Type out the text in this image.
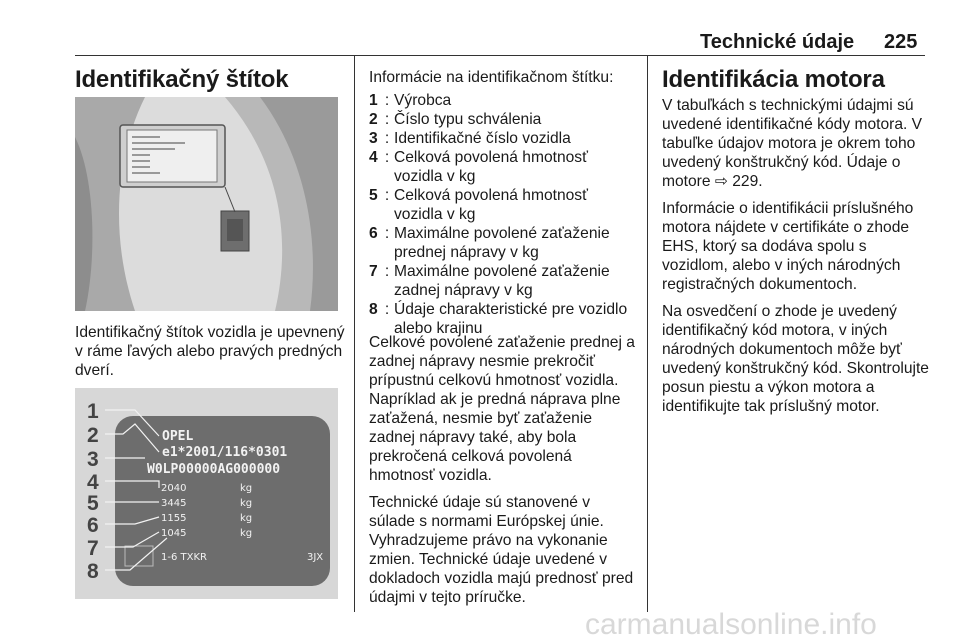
Technické údaje 225
Identifikačný štítok

Identifikačný štítok vozidla je upevnený v ráme ľavých alebo pravých predných dverí.

OPEL
e1*2001/116*0301
W0LP00000AG000000
2040
3445
1155
1045
kg
kg
kg
kg
1-6 TXKR	3JX
1
2
3
4
5
6
7
8

Informácie na identifikačnom štítku:

1 : Výrobca
2 : Číslo typu schválenia
3 : Identifikačné číslo vozidla
4 : Celková povolená hmotnosť vozidla v kg
5 : Celková povolená hmotnosť vozidla v kg
6 : Maximálne povolené zaťaženie prednej nápravy v kg
7 : Maximálne povolené zaťaženie zadnej nápravy v kg
8 : Údaje charakteristické pre vozidlo alebo krajinu

Celkové povolené zaťaženie prednej a zadnej nápravy nesmie prekročiť prípustnú celkovú hmotnosť vozidla. Napríklad ak je predná náprava plne zaťažená, nesmie byť zaťaženie zadnej nápravy také, aby bola prekročená celková povolená hmotnosť vozidla.

Technické údaje sú stanovené v súlade s normami Európskej únie. Vyhradzujeme právo na vykonanie zmien. Technické údaje uvedené v dokladoch vozidla majú prednosť pred údajmi v tejto príručke.

Identifikácia motora

V tabuľkách s technickými údajmi sú uvedené identifikačné kódy motora. V tabuľke údajov motora je okrem toho uvedený konštrukčný kód. Údaje o motore ⇨ 229.

Informácie o identifikácii príslušného motora nájdete v certifikáte o zhode EHS, ktorý sa dodáva spolu s vozidlom, alebo v iných národných registračných dokumentoch.

Na osvedčení o zhode je uvedený identifikačný kód motora, v iných národných dokumentoch môže byť uvedený konštrukčný kód. Skontrolujte posun piestu a výkon motora a identifikujte tak príslušný motor.

carmanualsonline.info
